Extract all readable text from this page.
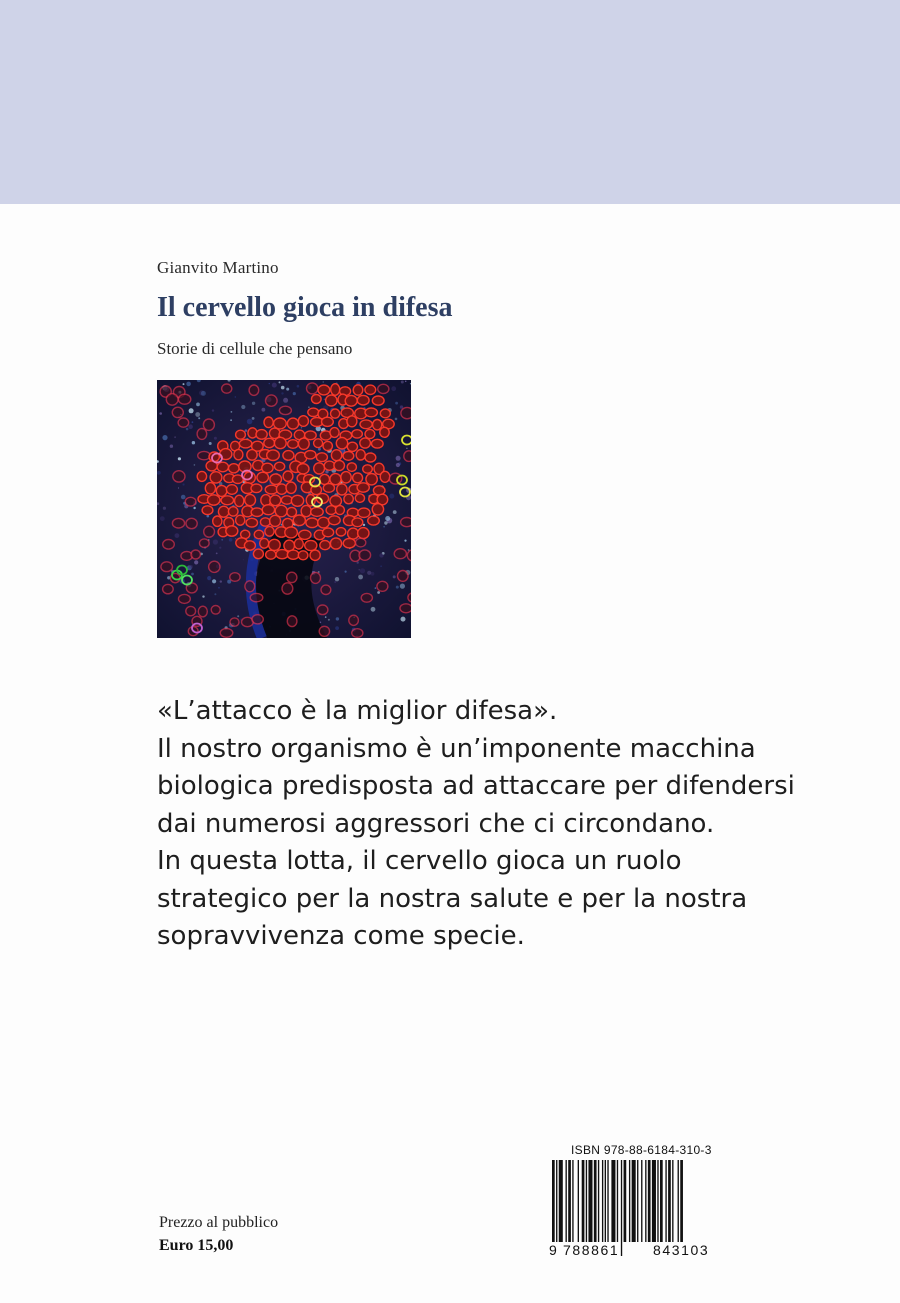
Gianvito Martino
Il cervello gioca in difesa
Storie di cellule che pensano
«L’attacco è la miglior difesa».
Il nostro organismo è un’imponente macchina
biologica predisposta ad attaccare per difendersi
dai numerosi aggressori che ci circondano.
In questa lotta, il cervello gioca un ruolo
strategico per la nostra salute e per la nostra
sopravvivenza come specie.
ISBN 978-88-6184-310-3
9 788861 843103
Prezzo al pubblico
Euro 15,00
